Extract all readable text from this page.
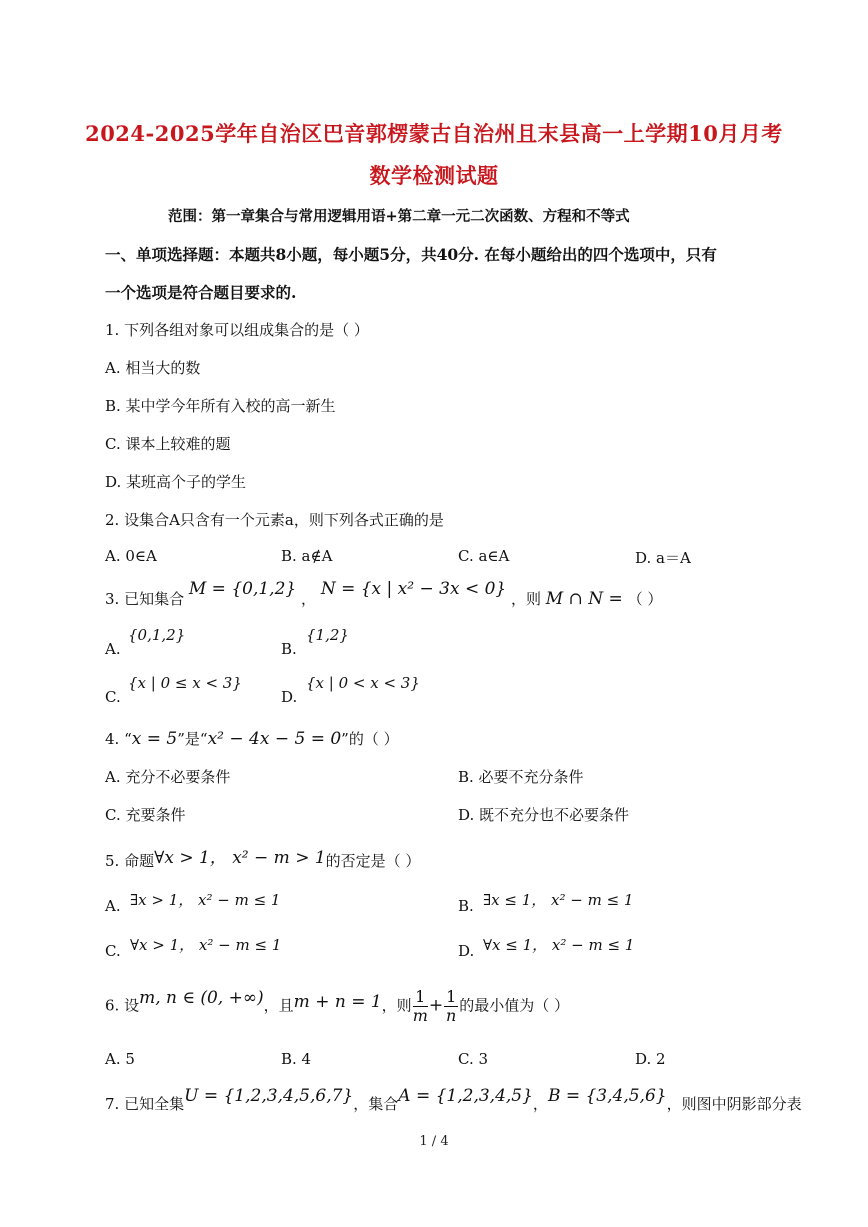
2024-2025学年自治区巴音郭楞蒙古自治州且末县高一上学期10月月考
数学检测试题
范围：第一章集合与常用逻辑用语+第二章一元二次函数、方程和不等式
一、单项选择题：本题共8小题，每小题5分，共40分. 在每小题给出的四个选项中，只有
一个选项是符合题目要求的.
1. 下列各组对象可以组成集合的是（ ）
A. 相当大的数
B. 某中学今年所有入校的高一新生
C. 课本上较难的题
D. 某班高个子的学生
2. 设集合A只含有一个元素a，则下列各式正确的是
A. 0∈A	B. a∉A	C. a∈A	D. a＝A
3. 已知集合 M = {0,1,2} ， N = {x | x² − 3x < 0} ，则 M ∩ N = （ ）
A.
{0,1,2}
B.
{1,2}
C.
{x | 0 ≤ x < 3}
D.
{x | 0 < x < 3}
4. “x = 5”是“x² − 4x − 5 = 0”的（ ）
A. 充分不必要条件	B. 必要不充分条件
C. 充要条件	D. 既不充分也不必要条件
5. 命题∀x > 1， x² − m > 1的否定是（ ）
A. ∃x > 1， x² − m ≤ 1	B. ∃x ≤ 1， x² − m ≤ 1
C. ∀x > 1， x² − m ≤ 1	D. ∀x ≤ 1， x² − m ≤ 1
6. 设m, n ∈ (0, +∞)，且m + n = 1，则 $\frac{1}{m} + \frac{1}{n}$ 的最小值为（ ）
A. 5	B. 4	C. 3	D. 2
7. 已知全集U = {1,2,3,4,5,6,7}，集合A = {1,2,3,4,5}，B = {3,4,5,6}，则图中阴影部分表
1 / 4
